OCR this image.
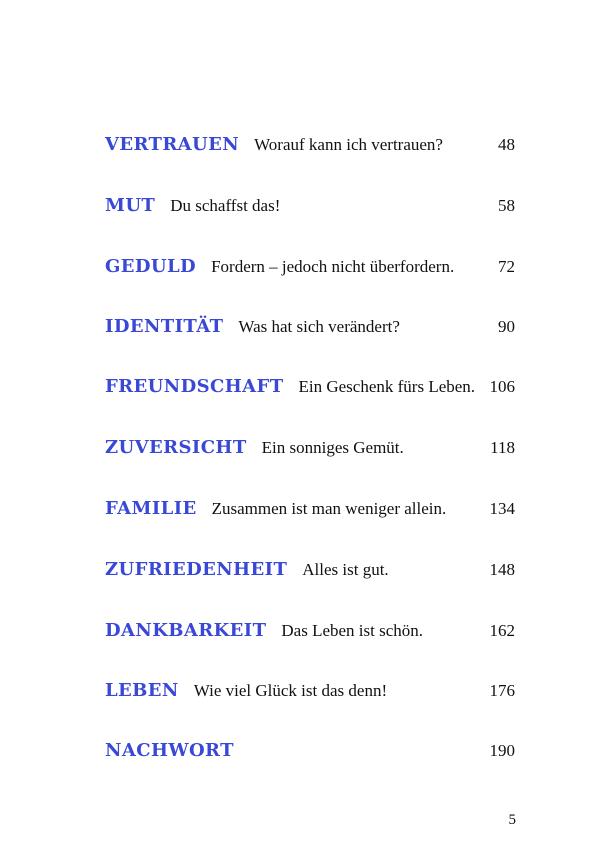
VERTRAUEN Worauf kann ich vertrauen?	48
MUT Du schaffst das!	58
GEDULD Fordern – jedoch nicht überfordern.	72
IDENTITÄT Was hat sich verändert?	90
FREUNDSCHAFT Ein Geschenk fürs Leben. 106
ZUVERSICHT Ein sonniges Gemüt.	118
FAMILIE Zusammen ist man weniger allein.	134
ZUFRIEDENHEIT Alles ist gut.	148
DANKBARKEIT Das Leben ist schön.	162
LEBEN Wie viel Glück ist das denn!	176
NACHWORT	190
5
